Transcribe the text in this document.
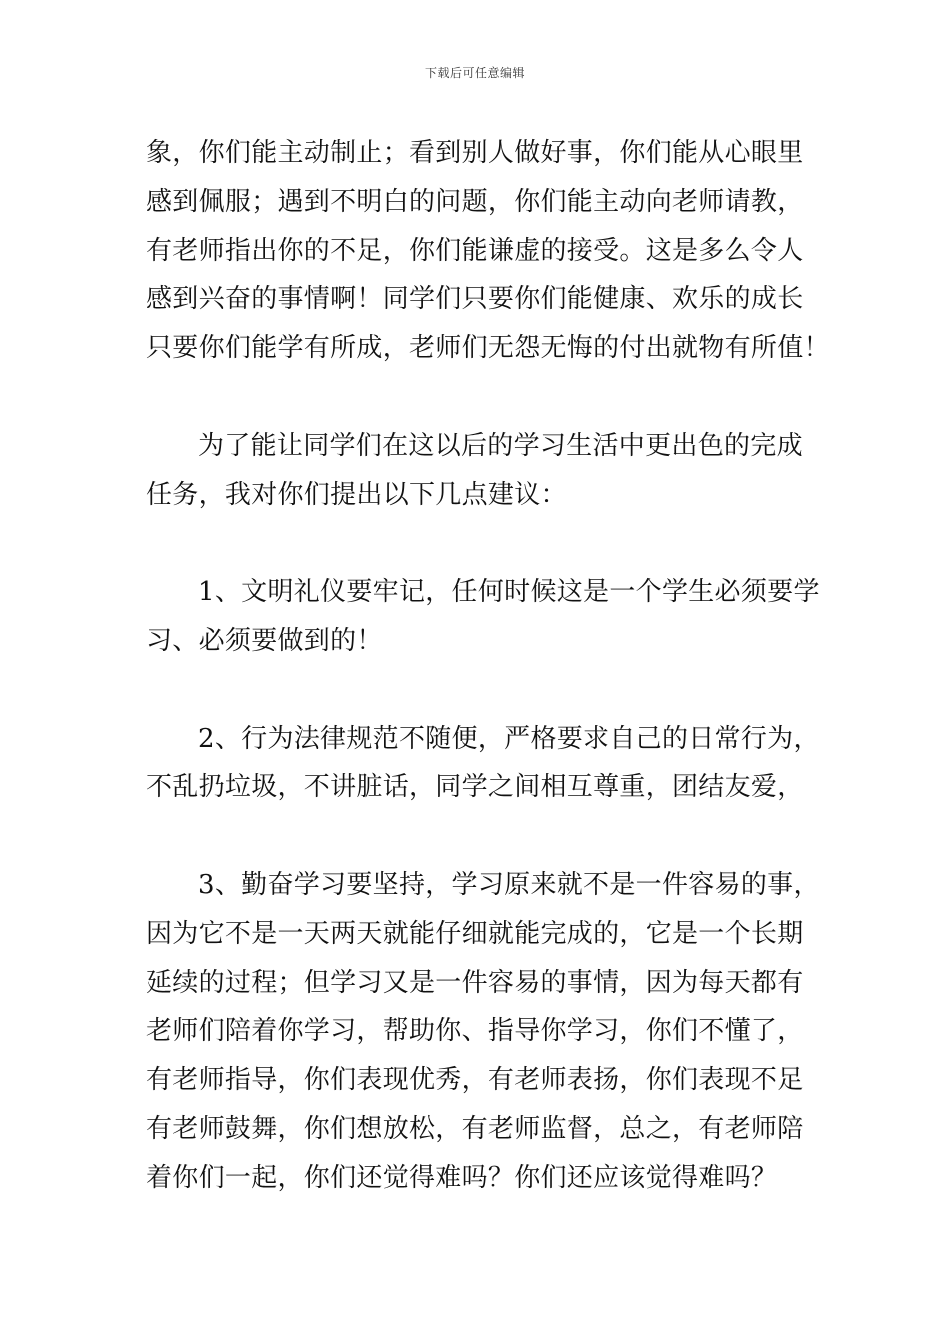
下载后可任意编辑
象，你们能主动制止；看到别人做好事，你们能从心眼里
感到佩服；遇到不明白的问题，你们能主动向老师请教，
有老师指出你的不足，你们能谦虚的接受。这是多么令人
感到兴奋的事情啊！同学们只要你们能健康、欢乐的成长
只要你们能学有所成，老师们无怨无悔的付出就物有所值！
为了能让同学们在这以后的学习生活中更出色的完成
任务，我对你们提出以下几点建议：
1、文明礼仪要牢记，任何时候这是一个学生必须要学
习、必须要做到的！
2、行为法律规范不随便，严格要求自己的日常行为，
不乱扔垃圾，不讲脏话，同学之间相互尊重，团结友爱，
3、勤奋学习要坚持，学习原来就不是一件容易的事，
因为它不是一天两天就能仔细就能完成的，它是一个长期
延续的过程；但学习又是一件容易的事情，因为每天都有
老师们陪着你学习，帮助你、指导你学习，你们不懂了，
有老师指导，你们表现优秀，有老师表扬，你们表现不足
有老师鼓舞，你们想放松，有老师监督，总之，有老师陪
着你们一起，你们还觉得难吗？你们还应该觉得难吗？
